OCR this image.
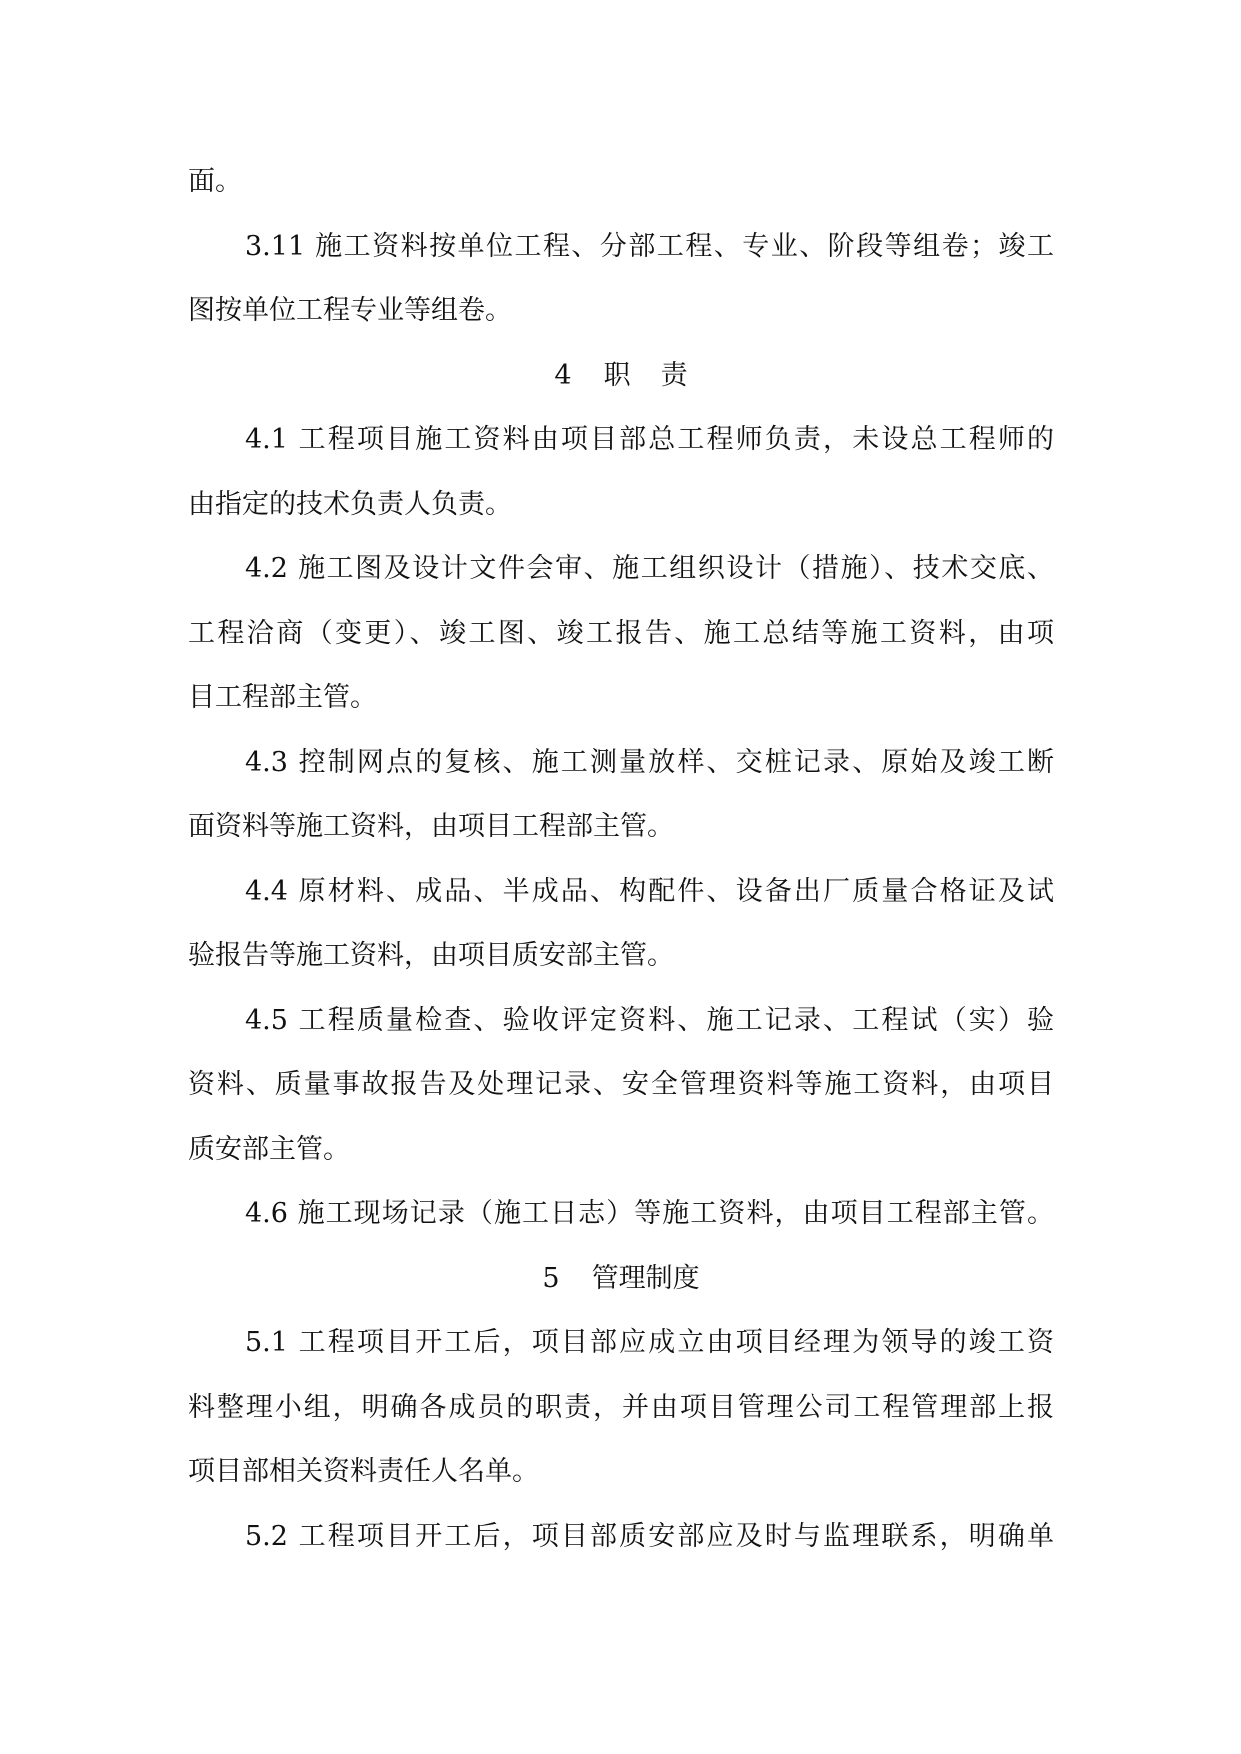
面。
3.11 施工资料按单位工程、分部工程、专业、阶段等组卷；竣工
图按单位工程专业等组卷。
4 职责
4.1 工程项目施工资料由项目部总工程师负责，未设总工程师的
由指定的技术负责人负责。
4.2 施工图及设计文件会审、施工组织设计（措施）、技术交底、
工程洽商（变更）、竣工图、竣工报告、施工总结等施工资料，由项
目工程部主管。
4.3 控制网点的复核、施工测量放样、交桩记录、原始及竣工断
面资料等施工资料，由项目工程部主管。
4.4 原材料、成品、半成品、构配件、设备出厂质量合格证及试
验报告等施工资料，由项目质安部主管。
4.5 工程质量检查、验收评定资料、施工记录、工程试（实）验
资料、质量事故报告及处理记录、安全管理资料等施工资料，由项目
质安部主管。
4.6 施工现场记录（施工日志）等施工资料，由项目工程部主管。
5 管理制度
5.1 工程项目开工后，项目部应成立由项目经理为领导的竣工资
料整理小组，明确各成员的职责，并由项目管理公司工程管理部上报
项目部相关资料责任人名单。
5.2 工程项目开工后，项目部质安部应及时与监理联系，明确单
